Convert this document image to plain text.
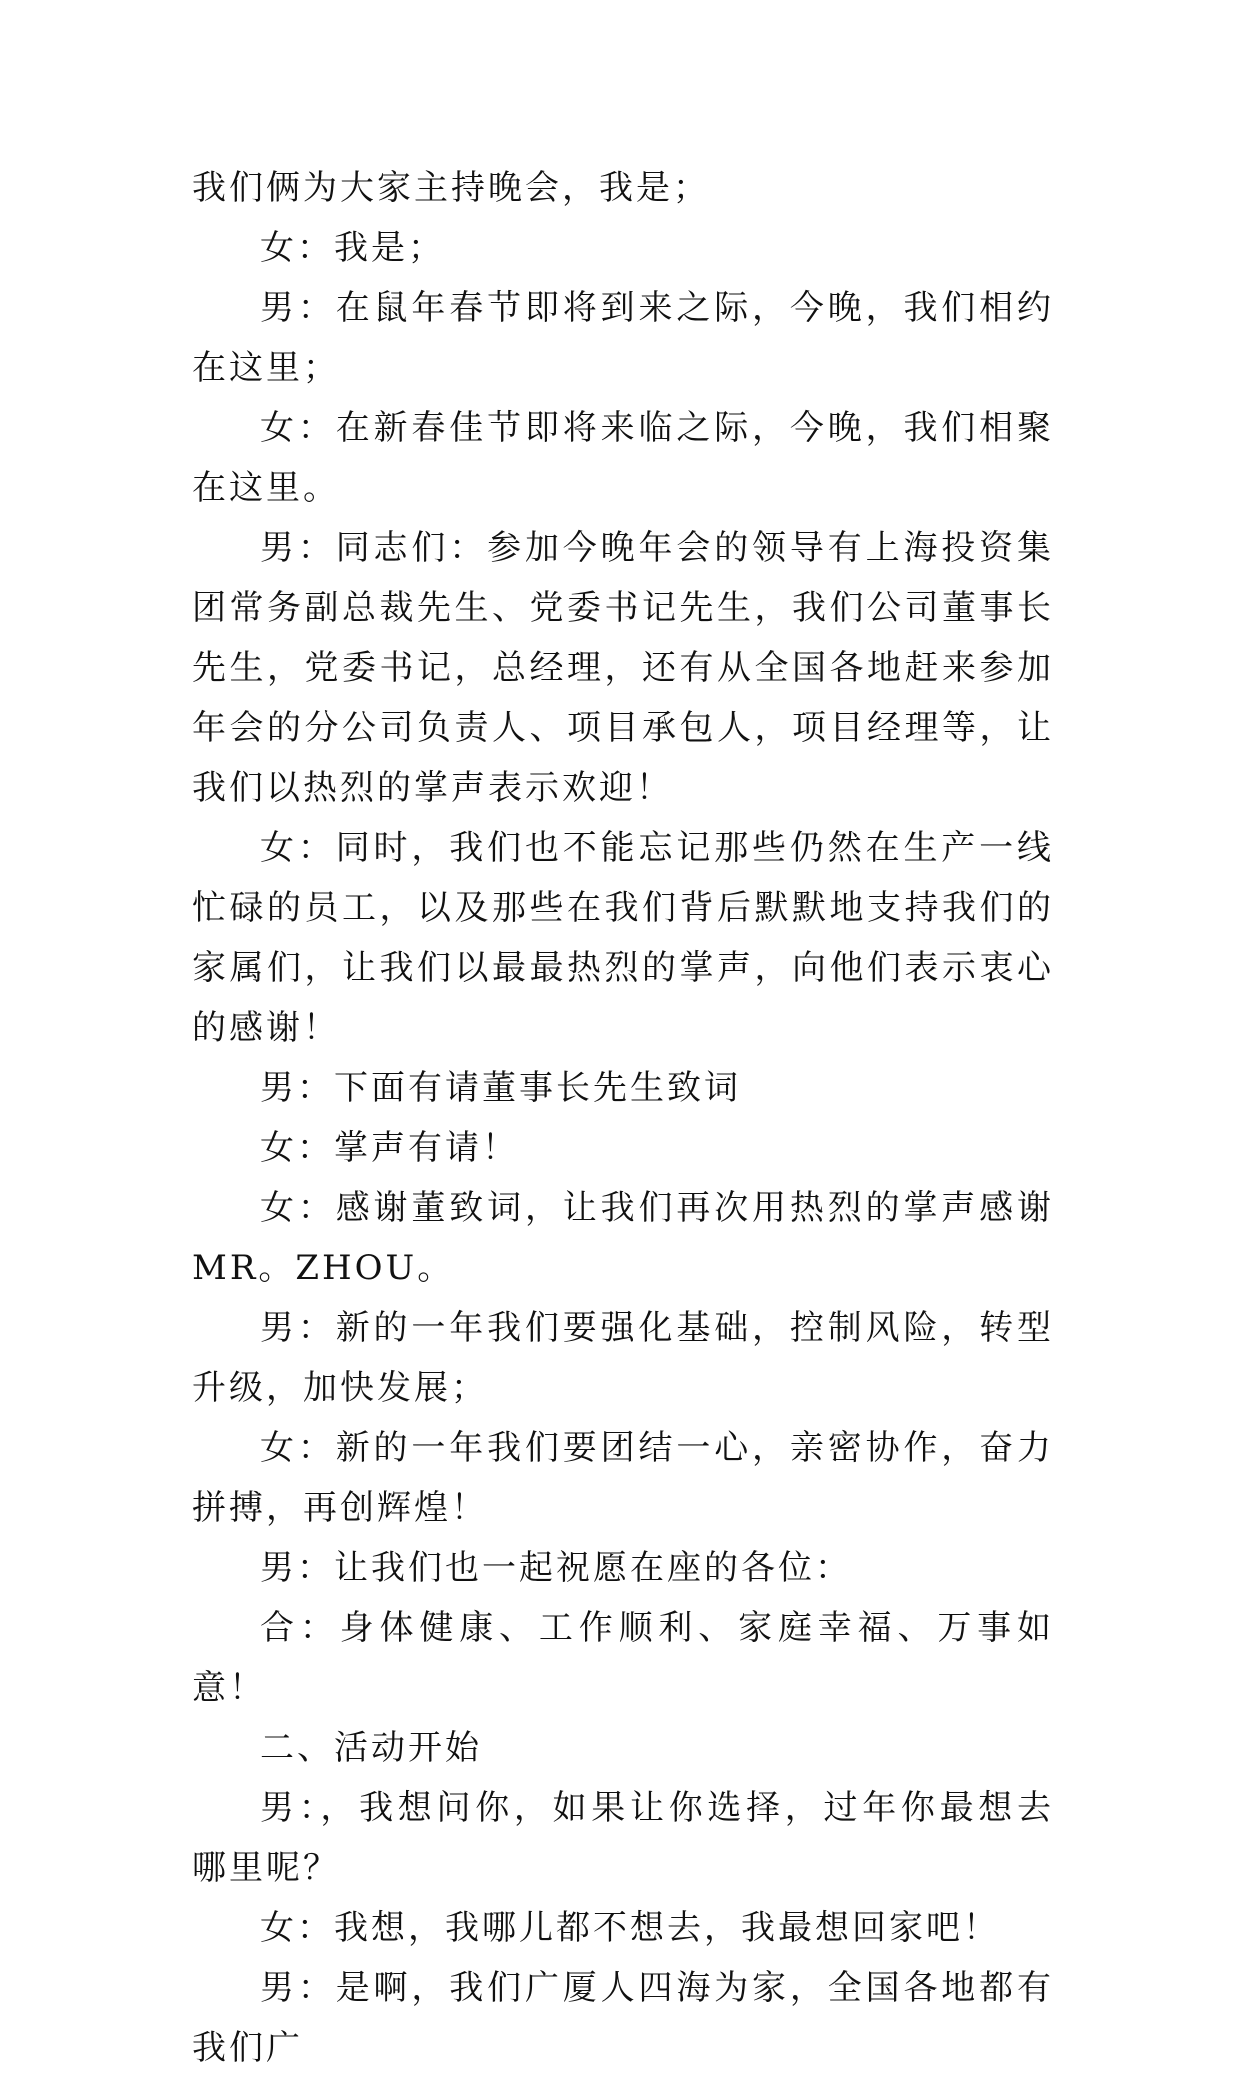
我们俩为大家主持晚会，我是；

女：我是；

男：在鼠年春节即将到来之际，今晚，我们相约在这里；

女：在新春佳节即将来临之际，今晚，我们相聚在这里。

男：同志们：参加今晚年会的领导有上海投资集团常务副总裁先生、党委书记先生，我们公司董事长先生，党委书记，总经理，还有从全国各地赶来参加年会的分公司负责人、项目承包人，项目经理等，让我们以热烈的掌声表示欢迎！

女：同时，我们也不能忘记那些仍然在生产一线忙碌的员工，以及那些在我们背后默默地支持我们的家属们，让我们以最最热烈的掌声，向他们表示衷心的感谢！

男：下面有请董事长先生致词

女：掌声有请！

女：感谢董致词，让我们再次用热烈的掌声感谢MR。ZHOU。

男：新的一年我们要强化基础，控制风险，转型升级，加快发展；

女：新的一年我们要团结一心，亲密协作，奋力拼搏，再创辉煌！

男：让我们也一起祝愿在座的各位：

合：身体健康、工作顺利、家庭幸福、万事如意！

二、活动开始

男：，我想问你，如果让你选择，过年你最想去哪里呢？

女：我想，我哪儿都不想去，我最想回家吧！

男：是啊，我们广厦人四海为家，全国各地都有我们广
